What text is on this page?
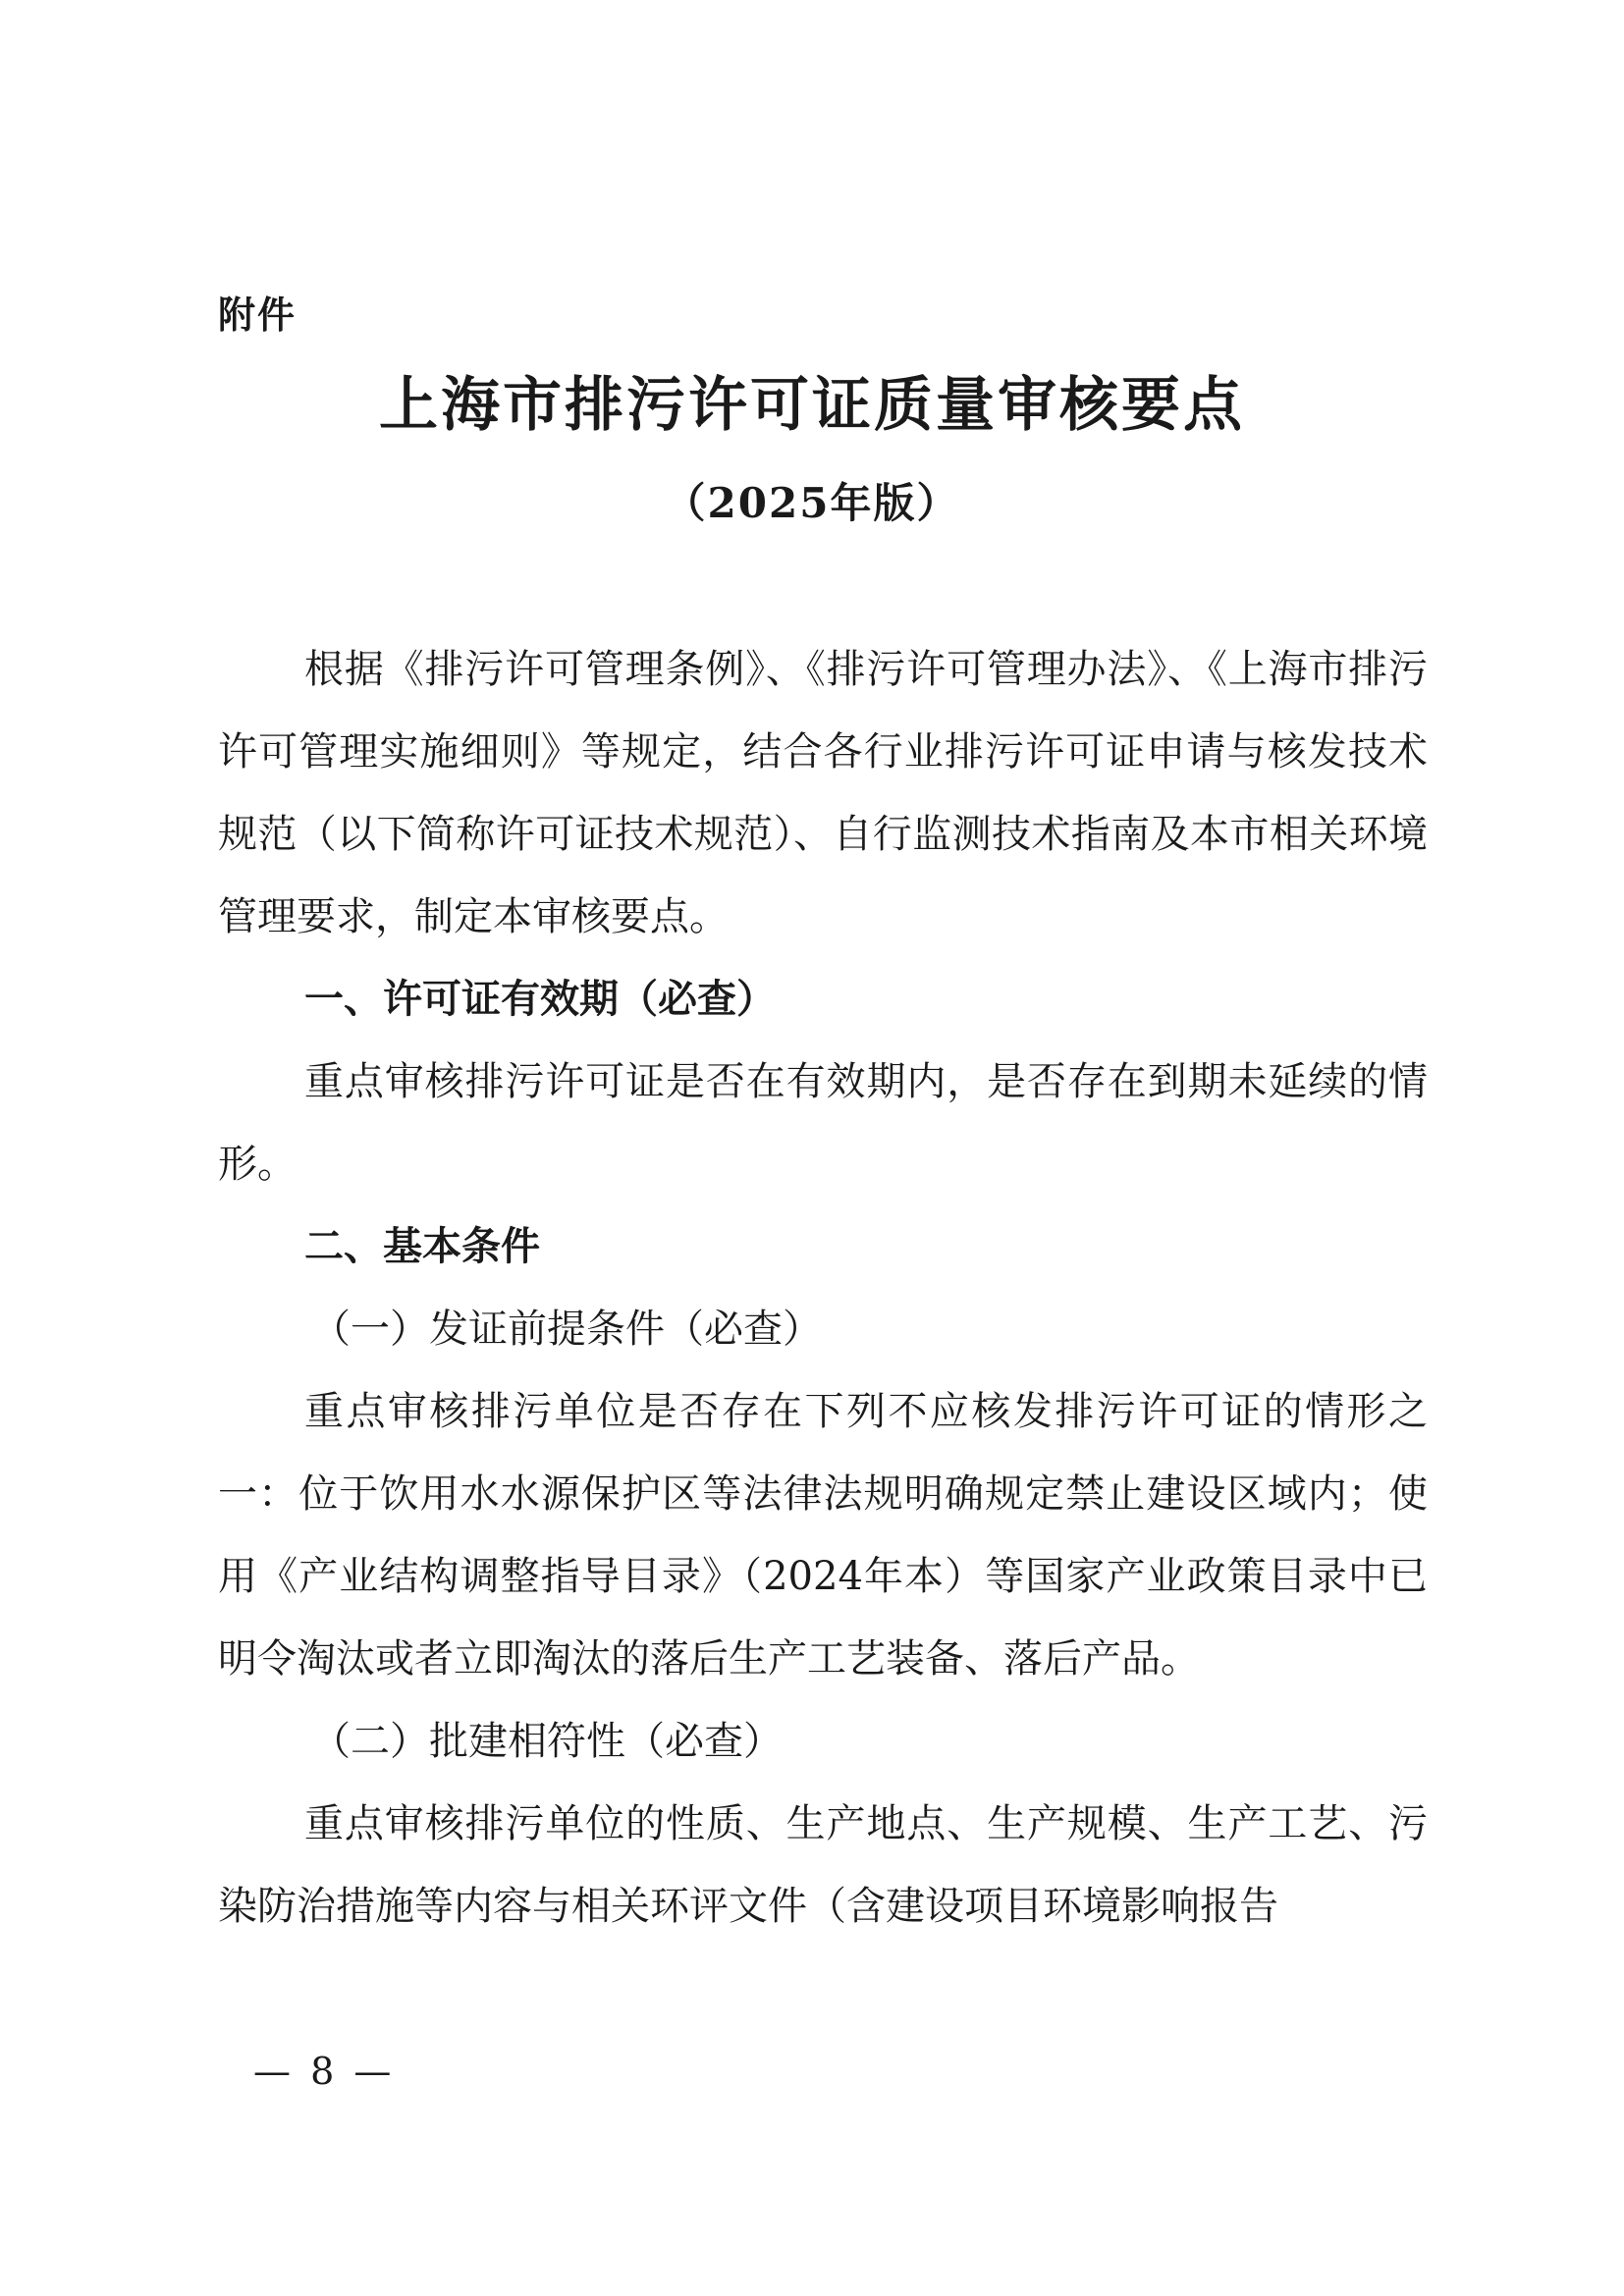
附件
上海市排污许可证质量审核要点
（2025年版）

根据《排污许可管理条例》、《排污许可管理办法》、《上海市排污许可管理实施细则》等规定，结合各行业排污许可证申请与核发技术规范（以下简称许可证技术规范）、自行监测技术指南及本市相关环境管理要求，制定本审核要点。

一、许可证有效期（必查）

重点审核排污许可证是否在有效期内，是否存在到期未延续的情形。

二、基本条件

（一）发证前提条件（必查）

重点审核排污单位是否存在下列不应核发排污许可证的情形之一：位于饮用水水源保护区等法律法规明确规定禁止建设区域内；使用《产业结构调整指导目录》（2024年本）等国家产业政策目录中已明令淘汰或者立即淘汰的落后生产工艺装备、落后产品。

（二）批建相符性（必查）

重点审核排污单位的性质、生产地点、生产规模、生产工艺、污染防治措施等内容与相关环评文件（含建设项目环境影响报告

— 8 —
